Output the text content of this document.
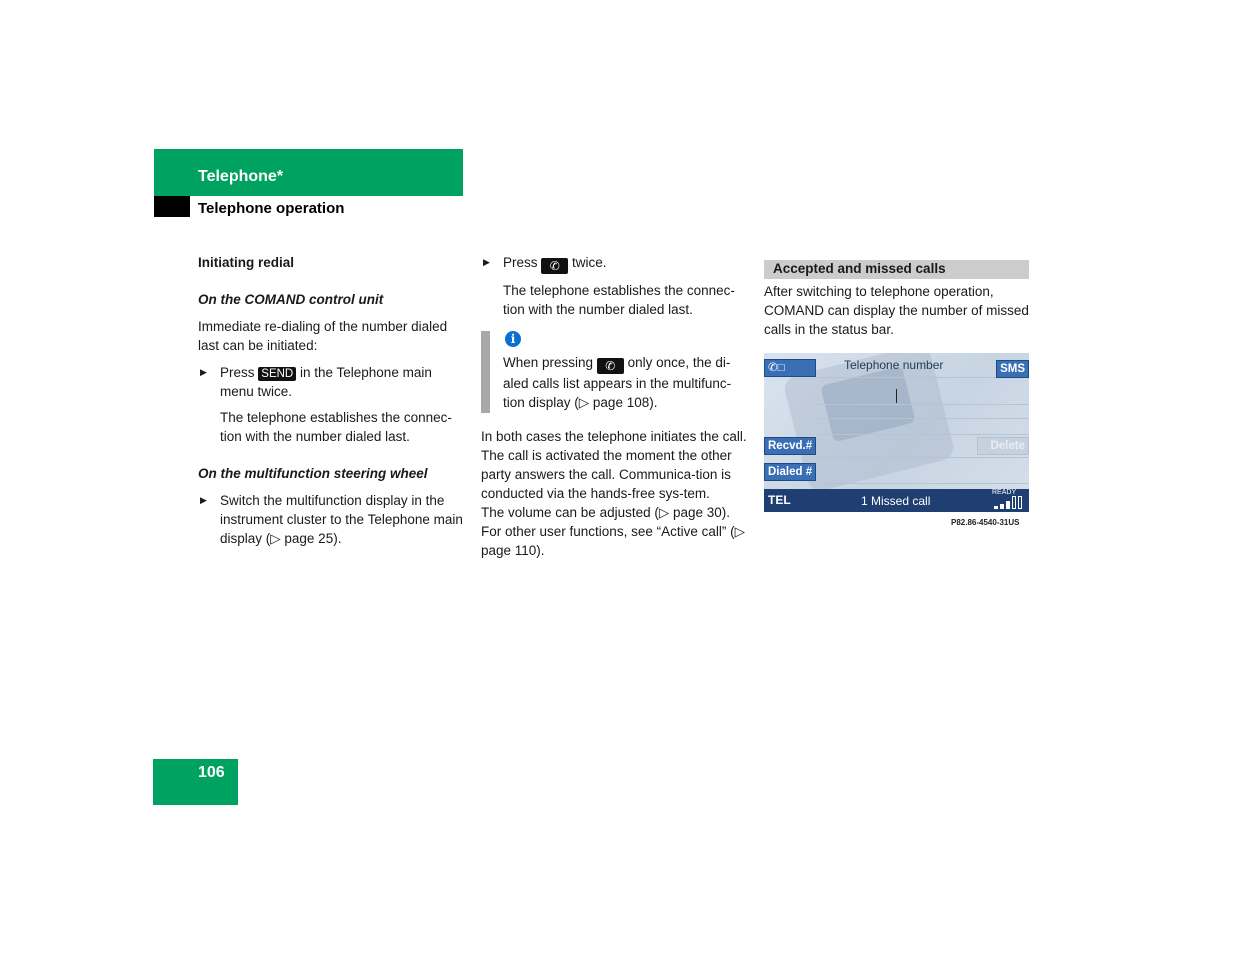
Telephone*
Telephone operation

Initiating redial

On the COMAND control unit

Immediate re-dialing of the number dialed last can be initiated:

▶ Press SEND in the Telephone main menu twice.

The telephone establishes the connec-tion with the number dialed last.

On the multifunction steering wheel

▶ Switch the multifunction display in the instrument cluster to the Telephone main display (▷ page 25).

▶ Press ✆ twice.

The telephone establishes the connec-tion with the number dialed last.

i

When pressing ✆ only once, the di-aled calls list appears in the multifunc-tion display (▷ page 108).

In both cases the telephone initiates the call. The call is activated the moment the other party answers the call. Communica-tion is conducted via the hands-free sys-tem.

The volume can be adjusted (▷ page 30).

For other user functions, see “Active call” (▷ page 110).

Accepted and missed calls

After switching to telephone operation, COMAND can display the number of missed calls in the status bar.

✆□	Telephone number	SMS
Recvd.#	Delete
Dialed #
TEL	1 Missed call
READY
P82.86-4540-31US
106
